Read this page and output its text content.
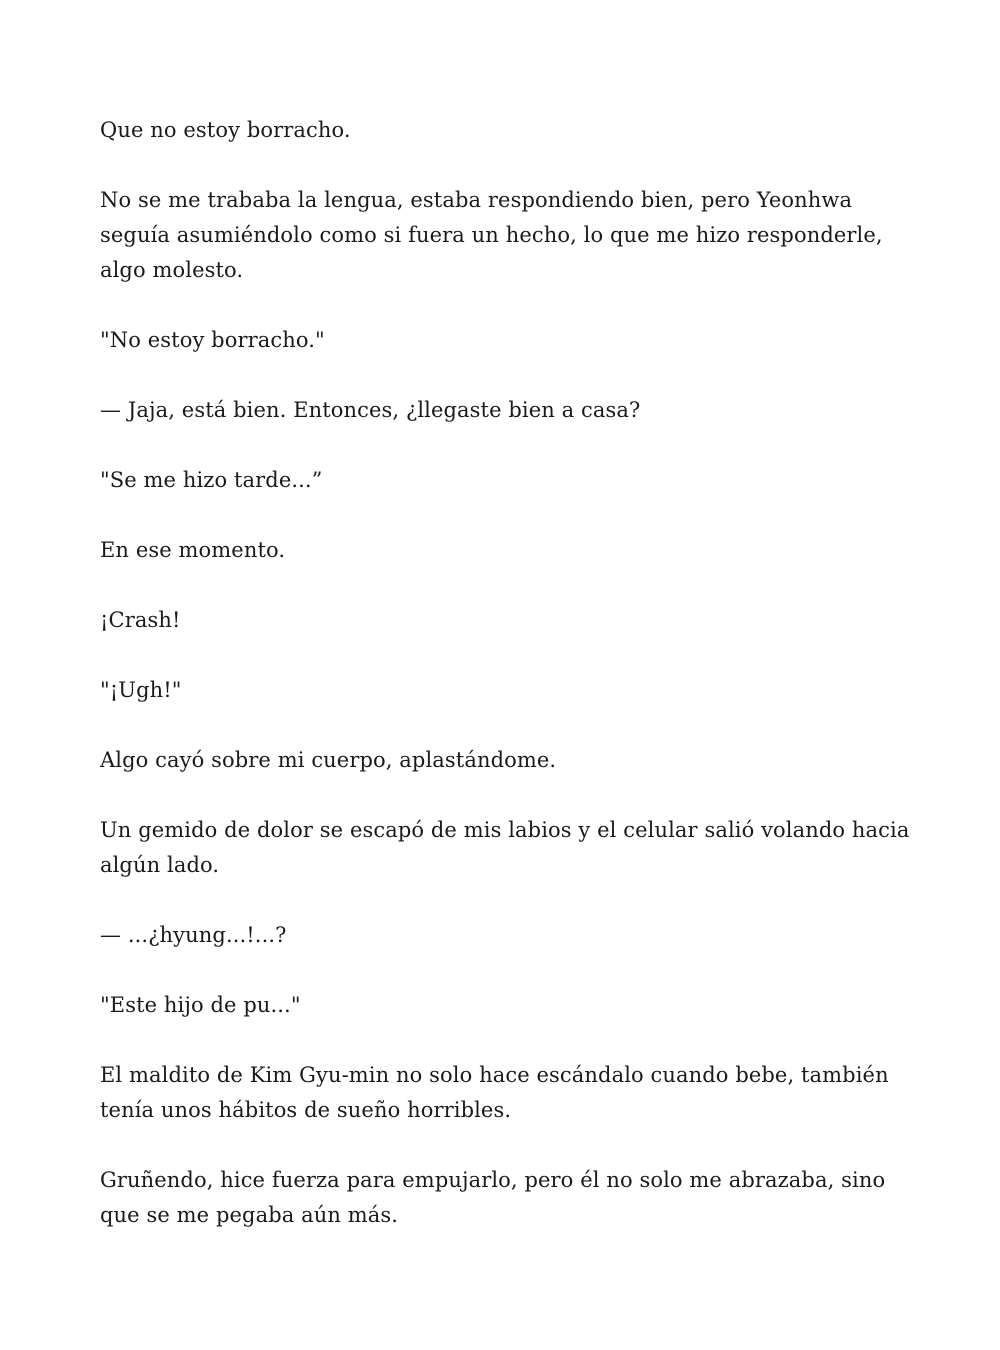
Que no estoy borracho.

No se me trababa la lengua, estaba respondiendo bien, pero Yeonhwa seguía asumiéndolo como si fuera un hecho, lo que me hizo responderle, algo molesto.

"No estoy borracho."

— Jaja, está bien. Entonces, ¿llegaste bien a casa?

"Se me hizo tarde...”

En ese momento.

¡Crash!

"¡Ugh!"

Algo cayó sobre mi cuerpo, aplastándome.

Un gemido de dolor se escapó de mis labios y el celular salió volando hacia algún lado.

— ...¿hyung...!...?

"Este hijo de pu..."

El maldito de Kim Gyu-min no solo hace escándalo cuando bebe, también tenía unos hábitos de sueño horribles.

Gruñendo, hice fuerza para empujarlo, pero él no solo me abrazaba, sino que se me pegaba aún más.
